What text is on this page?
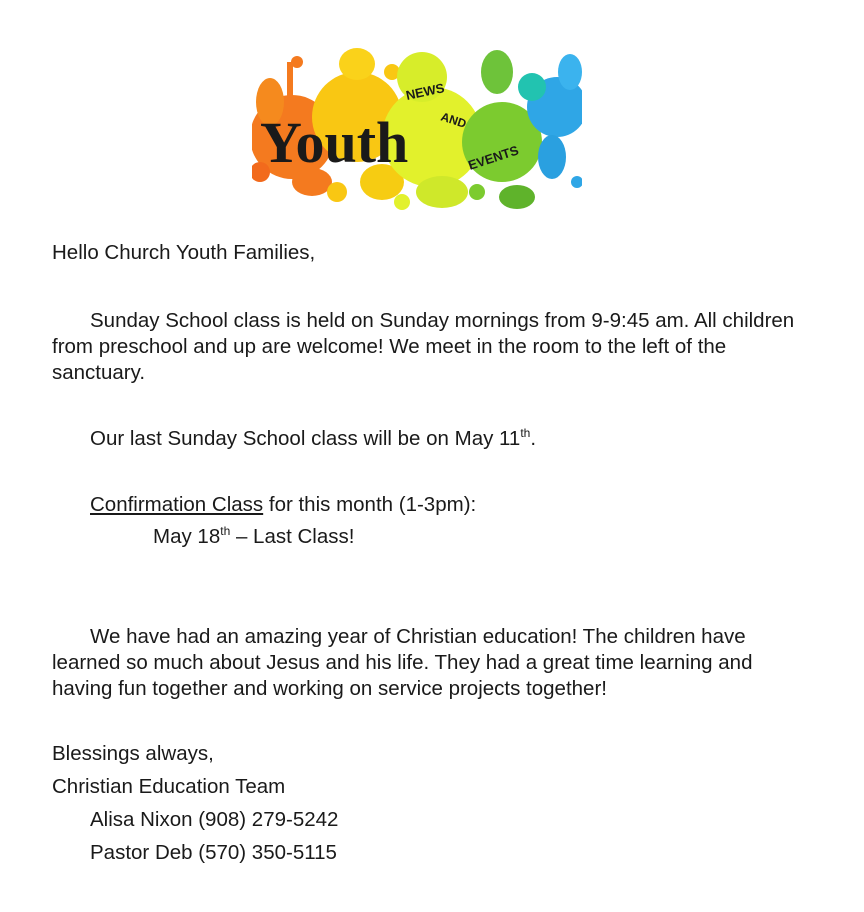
Youth
NEWS
AND
EVENTS

Hello Church Youth Families,

Sunday School class is held on Sunday mornings from 9-9:45 am. All children from preschool and up are welcome! We meet in the room to the left of the sanctuary.

Our last Sunday School class will be on May 11th.

Confirmation Class for this month (1-3pm):

May 18th – Last Class!

We have had an amazing year of Christian education! The children have learned so much about Jesus and his life. They had a great time learning and having fun together and working on service projects together!

Blessings always,

Christian Education Team

Alisa Nixon (908) 279-5242

Pastor Deb (570) 350-5115
